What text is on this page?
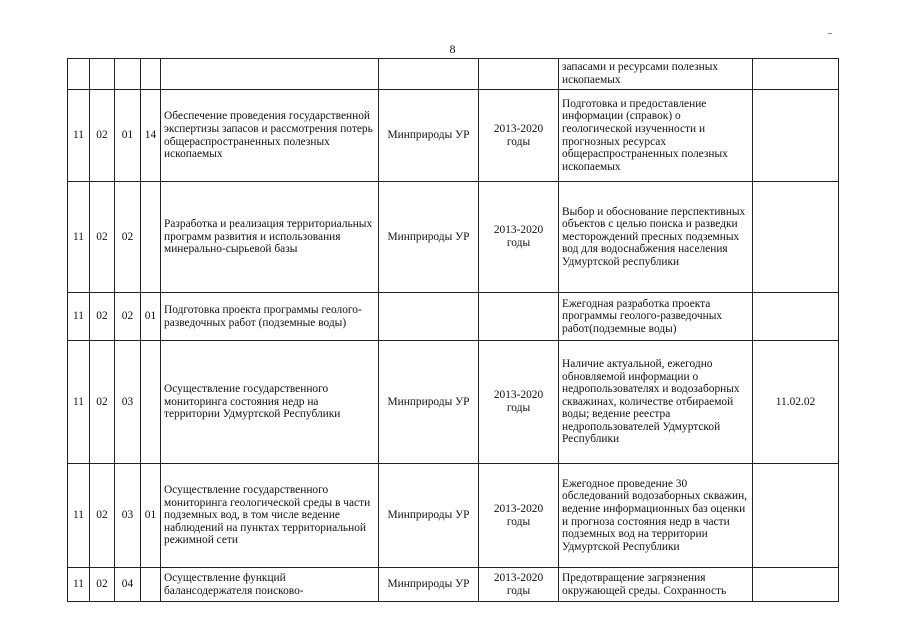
8
							запасами и ресурсами полезных ископаемых	
11	02	01	14	Обеспечение проведения государственной экспертизы запасов и рассмотрения потерь общераспространенных полезных ископаемых	Минприроды УР	2013-2020 годы	Подготовка и предоставление информации (справок) о геологической изученности и прогнозных ресурсах общераспространенных полезных ископаемых	
11	02	02		Разработка и реализация территориальных программ развития и использования минерально-сырьевой базы	Минприроды УР	2013-2020 годы	Выбор и обоснование перспективных объектов с целью поиска и разведки месторождений пресных подземных вод для водоснабжения населения Удмуртской республики	
11	02	02	01	Подготовка проекта программы геолого-разведочных работ (подземные воды)			Ежегодная разработка проекта программы геолого-разведочных работ(подземные воды)	
11	02	03		Осуществление государственного мониторинга состояния недр на территории Удмуртской Республики	Минприроды УР	2013-2020 годы	Наличие актуальной, ежегодно обновляемой информации о недропользователях и водозаборных скважинах, количестве отбираемой воды; ведение реестра недропользователей Удмуртской Республики	11.02.02
11	02	03	01	Осуществление государственного мониторинга геологической среды в части подземных вод, в том числе ведение наблюдений на пунктах территориальной режимной сети	Минприроды УР	2013-2020 годы	Ежегодное проведение 30 обследований водозаборных скважин, ведение информационных баз оценки и прогноза состояния недр в части подземных вод на территории Удмуртской Республики	
11	02	04		Осуществление функций балансодержателя поисково-	Минприроды УР	2013-2020 годы	Предотвращение загрязнения окружающей среды. Сохранность	
